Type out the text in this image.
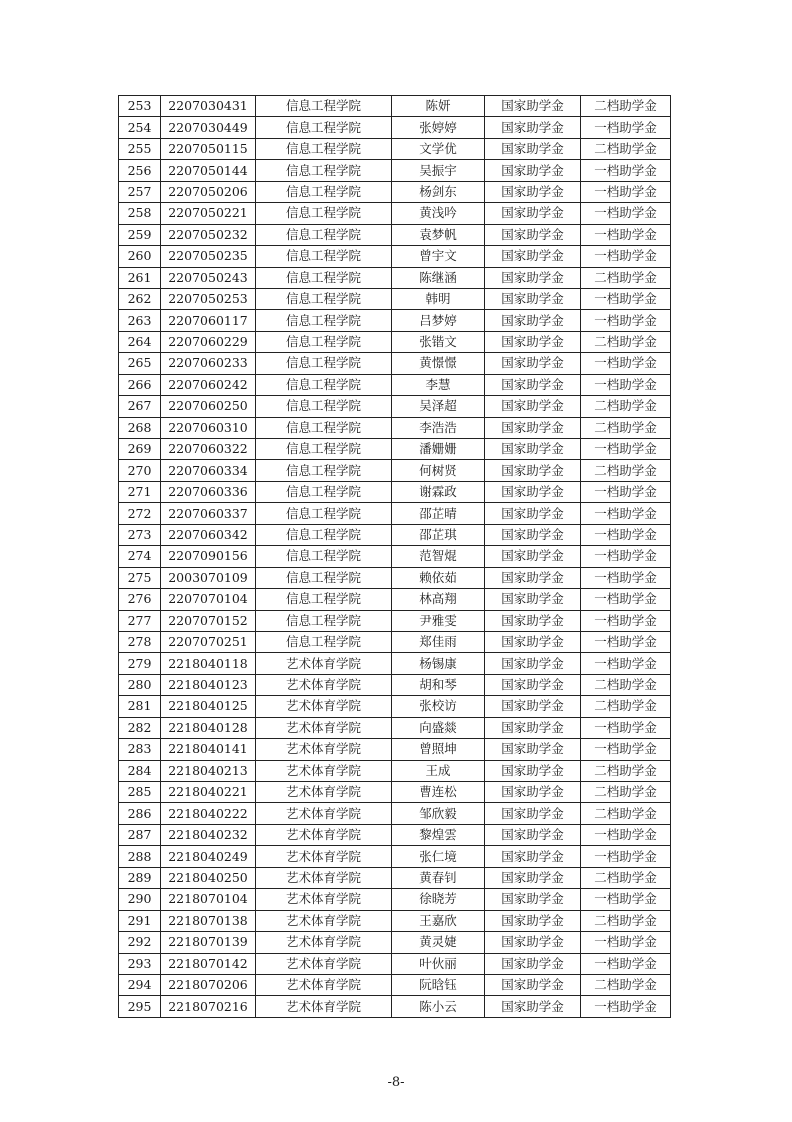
253	2207030431	信息工程学院	陈妍	国家助学金	二档助学金
254	2207030449	信息工程学院	张婷婷	国家助学金	一档助学金
255	2207050115	信息工程学院	文学优	国家助学金	二档助学金
256	2207050144	信息工程学院	吴振宇	国家助学金	一档助学金
257	2207050206	信息工程学院	杨剑东	国家助学金	一档助学金
258	2207050221	信息工程学院	黄浅吟	国家助学金	一档助学金
259	2207050232	信息工程学院	袁梦帆	国家助学金	一档助学金
260	2207050235	信息工程学院	曾宇文	国家助学金	一档助学金
261	2207050243	信息工程学院	陈继涵	国家助学金	二档助学金
262	2207050253	信息工程学院	韩明	国家助学金	一档助学金
263	2207060117	信息工程学院	吕梦婷	国家助学金	一档助学金
264	2207060229	信息工程学院	张锴文	国家助学金	二档助学金
265	2207060233	信息工程学院	黄憬憬	国家助学金	一档助学金
266	2207060242	信息工程学院	李慧	国家助学金	一档助学金
267	2207060250	信息工程学院	吴泽超	国家助学金	二档助学金
268	2207060310	信息工程学院	李浩浩	国家助学金	二档助学金
269	2207060322	信息工程学院	潘姗姗	国家助学金	一档助学金
270	2207060334	信息工程学院	何树贤	国家助学金	二档助学金
271	2207060336	信息工程学院	谢霖政	国家助学金	一档助学金
272	2207060337	信息工程学院	邵芷晴	国家助学金	一档助学金
273	2207060342	信息工程学院	邵芷琪	国家助学金	一档助学金
274	2207090156	信息工程学院	范智焜	国家助学金	一档助学金
275	2003070109	信息工程学院	赖依茹	国家助学金	一档助学金
276	2207070104	信息工程学院	林高翔	国家助学金	一档助学金
277	2207070152	信息工程学院	尹雅雯	国家助学金	一档助学金
278	2207070251	信息工程学院	郑佳雨	国家助学金	一档助学金
279	2218040118	艺术体育学院	杨锡康	国家助学金	一档助学金
280	2218040123	艺术体育学院	胡和琴	国家助学金	二档助学金
281	2218040125	艺术体育学院	张校访	国家助学金	二档助学金
282	2218040128	艺术体育学院	向盛燚	国家助学金	一档助学金
283	2218040141	艺术体育学院	曾照坤	国家助学金	一档助学金
284	2218040213	艺术体育学院	王成	国家助学金	二档助学金
285	2218040221	艺术体育学院	曹连松	国家助学金	二档助学金
286	2218040222	艺术体育学院	邹欣毅	国家助学金	二档助学金
287	2218040232	艺术体育学院	黎煌雲	国家助学金	一档助学金
288	2218040249	艺术体育学院	张仁境	国家助学金	一档助学金
289	2218040250	艺术体育学院	黄春钊	国家助学金	二档助学金
290	2218070104	艺术体育学院	徐晓芳	国家助学金	一档助学金
291	2218070138	艺术体育学院	王嘉欣	国家助学金	二档助学金
292	2218070139	艺术体育学院	黄灵婕	国家助学金	一档助学金
293	2218070142	艺术体育学院	叶伙丽	国家助学金	一档助学金
294	2218070206	艺术体育学院	阮晗钰	国家助学金	二档助学金
295	2218070216	艺术体育学院	陈小云	国家助学金	一档助学金
-8-
